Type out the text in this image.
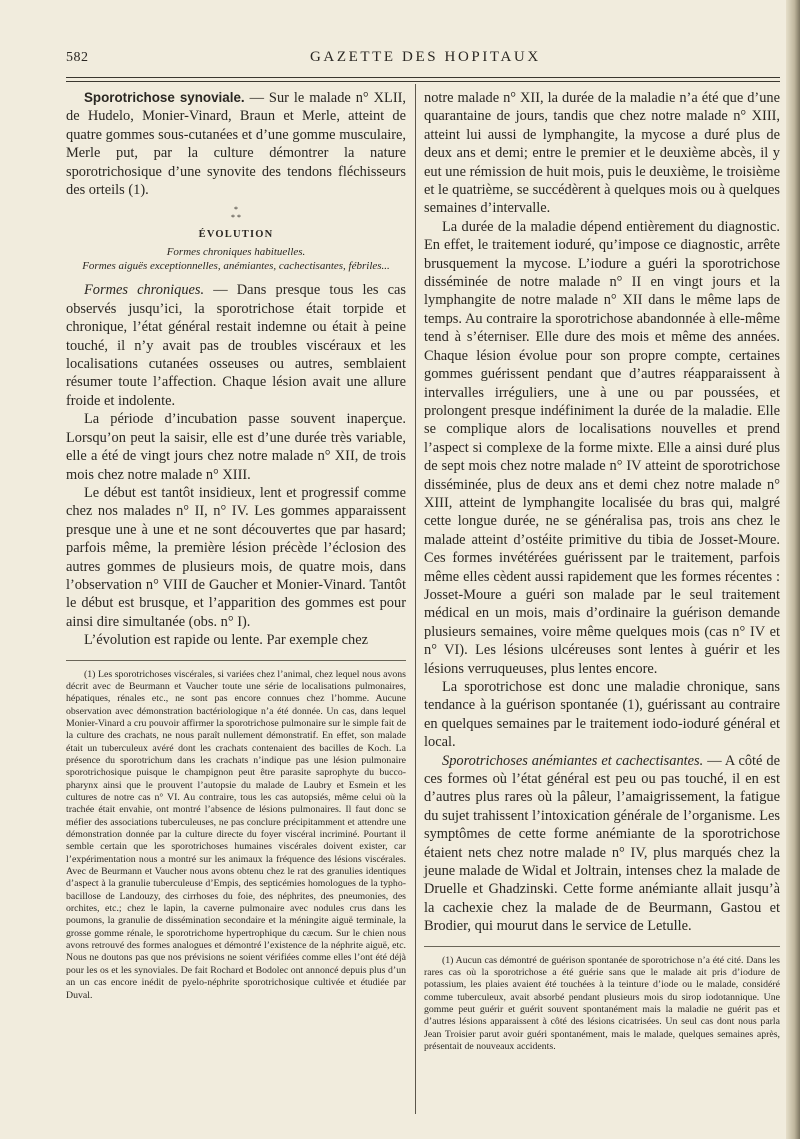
582	GAZETTE DES HOPITAUX

Sporotrichose synoviale. — Sur le malade n° XLII, de Hudelo, Monier-Vinard, Braun et Merle, atteint de quatre gommes sous-cutanées et d’une gomme musculaire, Merle put, par la culture démontrer la nature sporotrichosique d’une synovite des tendons fléchisseurs des orteils (1).

*
* *
ÉVOLUTION
Formes chroniques habituelles.
Formes aiguës exceptionnelles, anémiantes, cachectisantes, fébriles...

Formes chroniques. — Dans presque tous les cas observés jusqu’ici, la sporotrichose était torpide et chronique, l’état général restait indemne ou était à peine touché, il n’y avait pas de troubles viscéraux et les localisations cutanées osseuses ou autres, semblaient résumer toute l’affection. Chaque lésion avait une allure froide et indolente.

La période d’incubation passe souvent inaperçue. Lorsqu’on peut la saisir, elle est d’une durée très variable, elle a été de vingt jours chez notre malade n° XII, de trois mois chez notre malade n° XIII.

Le début est tantôt insidieux, lent et progressif comme chez nos malades n° II, n° IV. Les gommes apparaissent presque une à une et ne sont découvertes que par hasard; parfois même, la première lésion précède l’éclosion des autres gommes de plusieurs mois, de quatre mois, dans l’observation n° VIII de Gaucher et Monier-Vinard. Tantôt le début est brusque, et l’apparition des gommes est pour ainsi dire simultanée (obs. n° I).

L’évolution est rapide ou lente. Par exemple chez

(1) Les sporotrichoses viscérales, si variées chez l’animal, chez lequel nous avons décrit avec de Beurmann et Vaucher toute une série de localisations pulmonaires, hépatiques, rénales etc., ne sont pas encore connues chez l’homme. Aucune observation avec démonstration bactériologique n’a été donnée. Un cas, dans lequel Monier-Vinard a cru pouvoir affirmer la sporotrichose pulmonaire sur le simple fait de la culture des crachats, ne nous paraît nullement démonstratif. En effet, son malade était un tuberculeux avéré dont les crachats contenaient des bacilles de Koch. La présence du sporotrichum dans les crachats n’indique pas une lésion pulmonaire sporotrichosique puisque le champignon peut être parasite saprophyte du bucco-pharynx ainsi que le prouvent l’autopsie du malade de Laubry et Esmein et les cultures de notre cas n° VI. Au contraire, tous les cas autopsiés, même celui où la trachée était envahie, ont montré l’absence de lésions pulmonaires. Il faut donc se méfier des associations tuberculeuses, ne pas conclure précipitamment et attendre une démonstration donnée par la culture directe du foyer viscéral incriminé. Pourtant il semble certain que les sporotrichoses humaines viscérales doivent exister, car l’expérimentation nous a montré sur les animaux la fréquence des lésions viscérales. Avec de Beurmann et Vaucher nous avons obtenu chez le rat des granulies identiques d’aspect à la granulie tuberculeuse d’Empis, des septicémies homologues de la typho-bacillose de Landouzy, des cirrhoses du foie, des néphrites, des pneumonies, des orchites, etc.; chez le lapin, la caverne pulmonaire avec nodules crus dans les poumons, la granulie de dissémination secondaire et la méningite aiguë terminale, la grosse gomme rénale, le sporotrichome hypertrophique du cæcum. Sur le chien nous avons retrouvé des formes analogues et démontré l’existence de la néphrite aiguë, etc. Nous ne doutons pas que nos prévisions ne soient vérifiées comme elles l’ont été déjà pour les os et les synoviales. De fait Rochard et Bodolec ont annoncé depuis plus d’un an un cas encore inédit de pyelo-néphrite sporotrichosique cultivée et étudiée par Duval.

notre malade n° XII, la durée de la maladie n’a été que d’une quarantaine de jours, tandis que chez notre malade n° XIII, atteint lui aussi de lymphangite, la mycose a duré plus de deux ans et demi; entre le premier et le deuxième abcès, il y eut une rémission de huit mois, puis le deuxième, le troisième et le quatrième, se succédèrent à quelques mois ou à quelques semaines d’intervalle.

La durée de la maladie dépend entièrement du diagnostic. En effet, le traitement ioduré, qu’impose ce diagnostic, arrête brusquement la mycose. L’iodure a guéri la sporotrichose disséminée de notre malade n° II en vingt jours et la lymphangite de notre malade n° XII dans le même laps de temps. Au contraire la sporotrichose abandonnée à elle-même tend à s’éterniser. Elle dure des mois et même des années. Chaque lésion évolue pour son propre compte, certaines gommes guérissent pendant que d’autres réapparaissent à intervalles irréguliers, une à une ou par poussées, et prolongent presque indéfiniment la durée de la maladie. Elle se complique alors de localisations nouvelles et prend l’aspect si complexe de la forme mixte. Elle a ainsi duré plus de sept mois chez notre malade n° IV atteint de sporotrichose disséminée, plus de deux ans et demi chez notre malade n° XIII, atteint de lymphangite localisée du bras qui, malgré cette longue durée, ne se généralisa pas, trois ans chez le malade atteint d’ostéite primitive du tibia de Josset-Moure. Ces formes invétérées guérissent par le traitement, parfois même elles cèdent aussi rapidement que les formes récentes : Josset-Moure a guéri son malade par le seul traitement médical en un mois, mais d’ordinaire la guérison demande plusieurs semaines, voire même quelques mois (cas n° IV et n° VI). Les lésions ulcéreuses sont lentes à guérir et les lésions verruqueuses, plus lentes encore.

La sporotrichose est donc une maladie chronique, sans tendance à la guérison spontanée (1), guérissant au contraire en quelques semaines par le traitement iodo-ioduré général et local.

Sporotrichoses anémiantes et cachectisantes. — A côté de ces formes où l’état général est peu ou pas touché, il en est d’autres plus rares où la pâleur, l’amaigrissement, la fatigue du sujet trahissent l’intoxication générale de l’organisme. Les symptômes de cette forme anémiante de la sporotrichose étaient nets chez notre malade n° IV, plus marqués chez la jeune malade de Widal et Joltrain, intenses chez la malade de Druelle et Ghadzinski. Cette forme anémiante allait jusqu’à la cachexie chez la malade de de Beurmann, Gastou et Brodier, qui mourut dans le service de Letulle.

(1) Aucun cas démontré de guérison spontanée de sporotrichose n’a été cité. Dans les rares cas où la sporotrichose a été guérie sans que le malade ait pris d’iodure de potassium, les plaies avaient été touchées à la teinture d’iode ou le malade, considéré comme tuberculeux, avait absorbé pendant plusieurs mois du sirop iodotannique. Une gomme peut guérir et guérit souvent spontanément mais la maladie ne guérit pas et d’autres lésions apparaissent à côté des lésions cicatrisées. Un seul cas dont nous parla Jean Troisier parut avoir guéri spontanément, mais le malade, quelques semaines après, présentait de nouveaux accidents.
